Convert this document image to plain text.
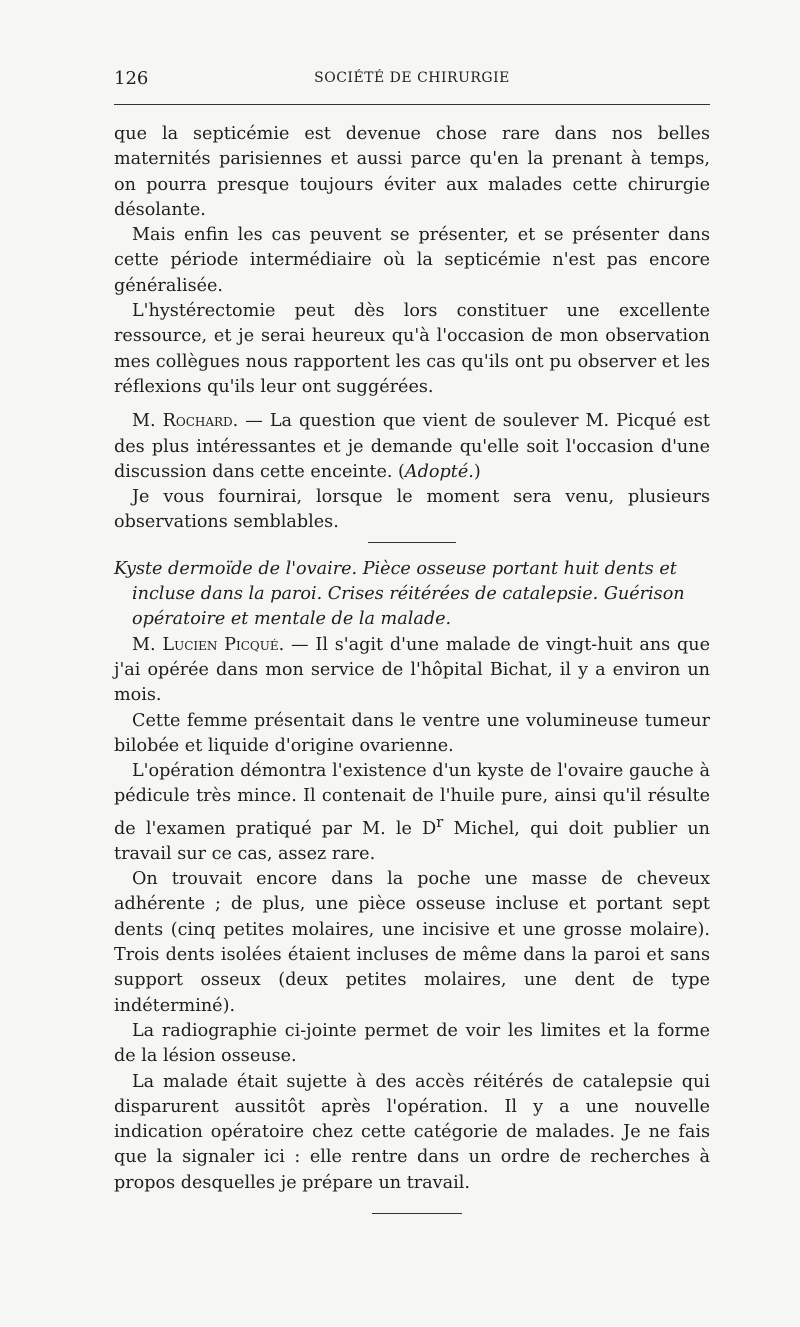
126	SOCIÉTÉ DE CHIRURGIE

que la septicémie est devenue chose rare dans nos belles maternités parisiennes et aussi parce qu'en la prenant à temps, on pourra presque toujours éviter aux malades cette chirurgie désolante.

Mais enfin les cas peuvent se présenter, et se présenter dans cette période intermédiaire où la septicémie n'est pas encore généralisée.

L'hystérectomie peut dès lors constituer une excellente ressource, et je serai heureux qu'à l'occasion de mon observation mes collègues nous rapportent les cas qu'ils ont pu observer et les réflexions qu'ils leur ont suggérées.

M. Rochard. — La question que vient de soulever M. Picqué est des plus intéressantes et je demande qu'elle soit l'occasion d'une discussion dans cette enceinte. (Adopté.)

Je vous fournirai, lorsque le moment sera venu, plusieurs observations semblables.

Kyste dermoïde de l'ovaire. Pièce osseuse portant huit dents et
incluse dans la paroi. Crises réitérées de catalepsie. Guérison
opératoire et mentale de la malade.

M. Lucien Picqué. — Il s'agit d'une malade de vingt-huit ans que j'ai opérée dans mon service de l'hôpital Bichat, il y a environ un mois.

Cette femme présentait dans le ventre une volumineuse tumeur bilobée et liquide d'origine ovarienne.

L'opération démontra l'existence d'un kyste de l'ovaire gauche à pédicule très mince. Il contenait de l'huile pure, ainsi qu'il résulte de l'examen pratiqué par M. le $D^r$ Michel, qui doit publier un travail sur ce cas, assez rare.

On trouvait encore dans la poche une masse de cheveux adhérente ; de plus, une pièce osseuse incluse et portant sept dents (cinq petites molaires, une incisive et une grosse molaire). Trois dents isolées étaient incluses de même dans la paroi et sans support osseux (deux petites molaires, une dent de type indéterminé).

La radiographie ci-jointe permet de voir les limites et la forme de la lésion osseuse.

La malade était sujette à des accès réitérés de catalepsie qui disparurent aussitôt après l'opération. Il y a une nouvelle indication opératoire chez cette catégorie de malades. Je ne fais que la signaler ici : elle rentre dans un ordre de recherches à propos desquelles je prépare un travail.
